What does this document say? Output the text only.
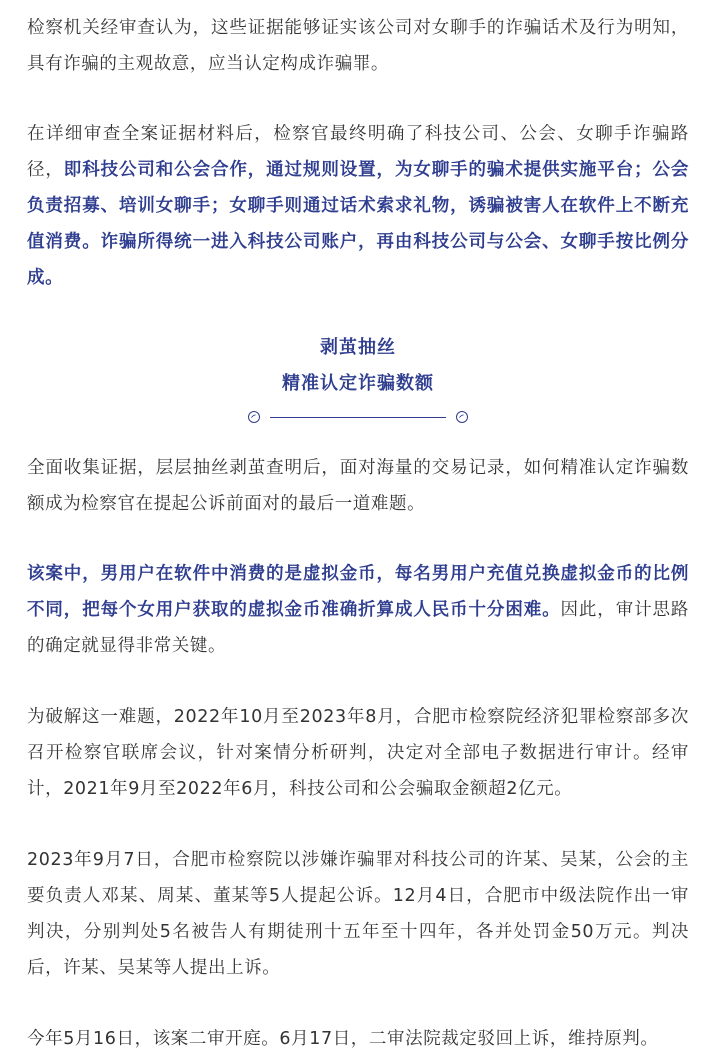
检察机关经审查认为，这些证据能够证实该公司对女聊手的诈骗话术及行为明知，具有诈骗的主观故意，应当认定构成诈骗罪。

在详细审查全案证据材料后，检察官最终明确了科技公司、公会、女聊手诈骗路径，即科技公司和公会合作，通过规则设置，为女聊手的骗术提供实施平台；公会负责招募、培训女聊手；女聊手则通过话术索求礼物，诱骗被害人在软件上不断充值消费。诈骗所得统一进入科技公司账户，再由科技公司与公会、女聊手按比例分成。

剥茧抽丝
精准认定诈骗数额

全面收集证据，层层抽丝剥茧查明后，面对海量的交易记录，如何精准认定诈骗数额成为检察官在提起公诉前面对的最后一道难题。

该案中，男用户在软件中消费的是虚拟金币，每名男用户充值兑换虚拟金币的比例不同，把每个女用户获取的虚拟金币准确折算成人民币十分困难。因此，审计思路的确定就显得非常关键。

为破解这一难题，2022年10月至2023年8月，合肥市检察院经济犯罪检察部多次召开检察官联席会议，针对案情分析研判，决定对全部电子数据进行审计。经审计，2021年9月至2022年6月，科技公司和公会骗取金额超2亿元。

2023年9月7日，合肥市检察院以涉嫌诈骗罪对科技公司的许某、吴某，公会的主要负责人邓某、周某、董某等5人提起公诉。12月4日，合肥市中级法院作出一审判决，分别判处5名被告人有期徒刑十五年至十四年，各并处罚金50万元。判决后，许某、吴某等人提出上诉。

今年5月16日，该案二审开庭。6月17日，二审法院裁定驳回上诉，维持原判。
